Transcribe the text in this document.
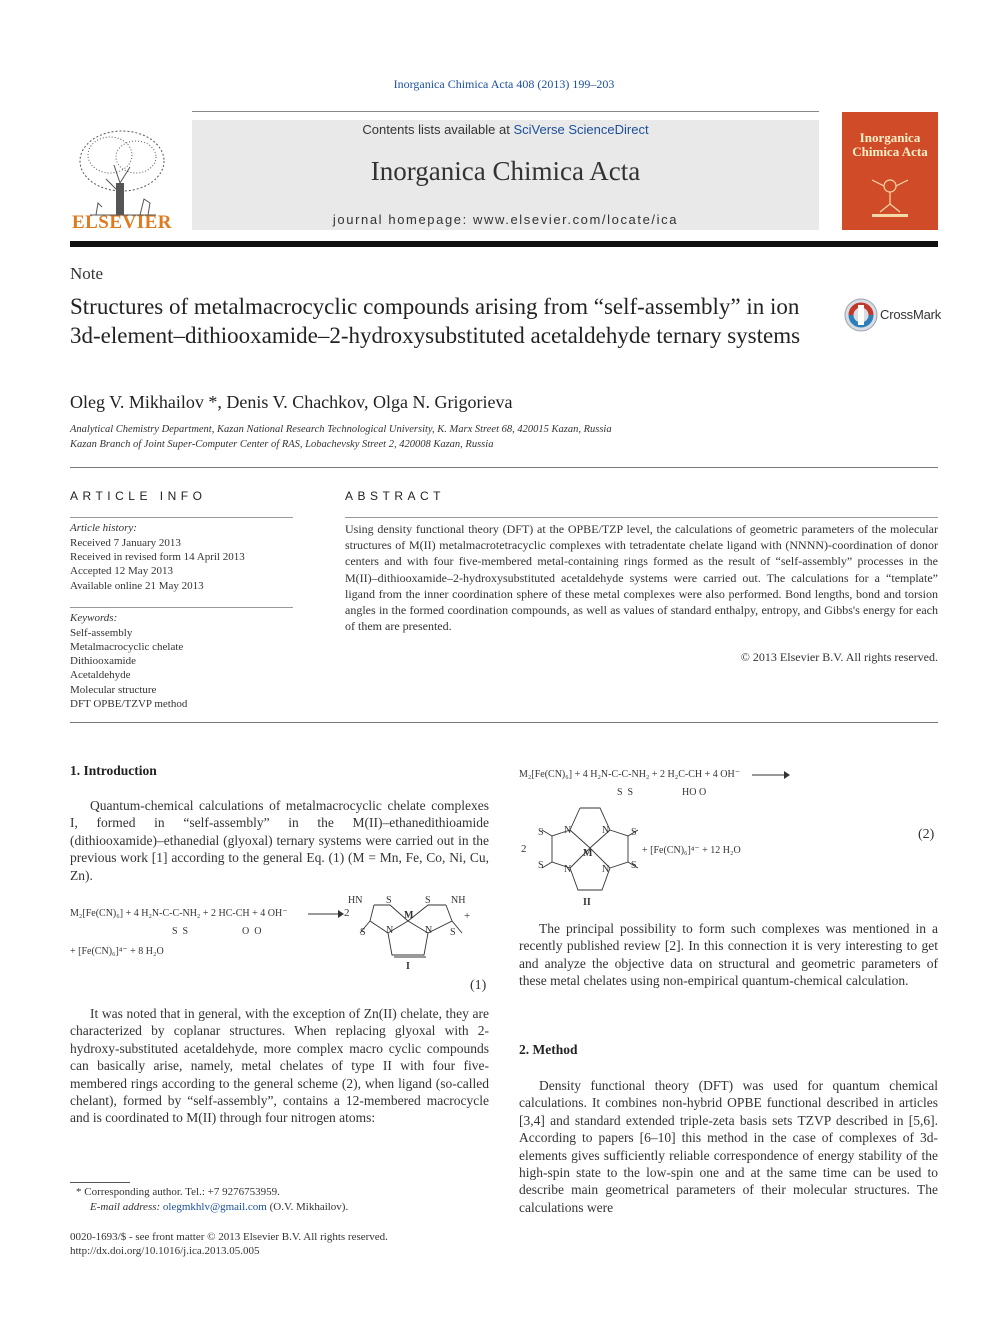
Inorganica Chimica Acta 408 (2013) 199–203
Contents lists available at SciVerse ScienceDirect
Inorganica Chimica Acta
journal homepage: www.elsevier.com/locate/ica
ELSEVIER
Inorganica
Chimica Acta
Note
Structures of metalmacrocyclic compounds arising from “self-assembly” in ion 3d-element–dithiooxamide–2-hydroxysubstituted acetaldehyde ternary systems
CrossMark
Oleg V. Mikhailov *, Denis V. Chachkov, Olga N. Grigorieva
Analytical Chemistry Department, Kazan National Research Technological University, K. Marx Street 68, 420015 Kazan, Russia
Kazan Branch of Joint Super-Computer Center of RAS, Lobachevsky Street 2, 420008 Kazan, Russia
ARTICLE INFO
Article history:
Received 7 January 2013
Received in revised form 14 April 2013
Accepted 12 May 2013
Available online 21 May 2013
Keywords:
Self-assembly
Metalmacrocyclic chelate
Dithiooxamide
Acetaldehyde
Molecular structure
DFT OPBE/TZVP method
ABSTRACT
Using density functional theory (DFT) at the OPBE/TZP level, the calculations of geometric parameters of the molecular structures of M(II) metalmacrotetracyclic complexes with tetradentate chelate ligand with (NNNN)-coordination of donor centers and with four five-membered metal-containing rings formed as the result of “self-assembly” processes in the M(II)–dithiooxamide–2-hydroxysubstituted acetaldehyde systems were carried out. The calculations for a “template” ligand from the inner coordination sphere of these metal complexes were also performed. Bond lengths, bond and torsion angles in the formed coordination compounds, as well as values of standard enthalpy, entropy, and Gibbs's energy for each of them are presented.
© 2013 Elsevier B.V. All rights reserved.
1. Introduction
Quantum-chemical calculations of metalmacrocyclic chelate complexes I, formed in “self-assembly” in the M(II)–ethanedithioamide (dithiooxamide)–ethanedial (glyoxal) ternary systems were carried out in the previous work [1] according to the general Eq. (1) (M = Mn, Fe, Co, Ni, Cu, Zn).
M₂[Fe(CN)₆] + 4 H₂N-C-C-NH₂ + 2 HC-CH + 4 OH⁻
S  S	O  O
2
HN S	S NH
+
M
N	N
S	S
I
+ [Fe(CN)₆]⁴⁻ + 8 H₂O
(1)
It was noted that in general, with the exception of Zn(II) chelate, they are characterized by coplanar structures. When replacing glyoxal with 2-hydroxy-substituted acetaldehyde, more complex macro cyclic compounds can basically arise, namely, metal chelates of type II with four five-membered rings according to the general scheme (2), when ligand (so-called chelant), formed by “self-assembly”, contains a 12-membered macrocycle and is coordinated to M(II) through four nitrogen atoms:
* Corresponding author. Tel.: +7 9276753959.
E-mail address: olegmkhlv@gmail.com (O.V. Mikhailov).
0020-1693/$ - see front matter © 2013 Elsevier B.V. All rights reserved.
http://dx.doi.org/10.1016/j.ica.2013.05.005
M₂[Fe(CN)₆] + 4 H₂N-C-C-NH₂ + 2 H₂C-CH + 4 OH⁻
S  S	HO O
2	M
N	N
N	N
S
S
S
S
II
+ [Fe(CN)₆]⁴⁻ + 12 H₂O
(2)
The principal possibility to form such complexes was mentioned in a recently published review [2]. In this connection it is very interesting to get and analyze the objective data on structural and geometric parameters of these metal chelates using non-empirical quantum-chemical calculation.
2. Method
Density functional theory (DFT) was used for quantum chemical calculations. It combines non-hybrid OPBE functional described in articles [3,4] and standard extended triple-zeta basis sets TZVP described in [5,6]. According to papers [6–10] this method in the case of complexes of 3d-elements gives sufficiently reliable correspondence of energy stability of the high-spin state to the low-spin one and at the same time can be used to describe main geometrical parameters of their molecular structures. The calculations were
